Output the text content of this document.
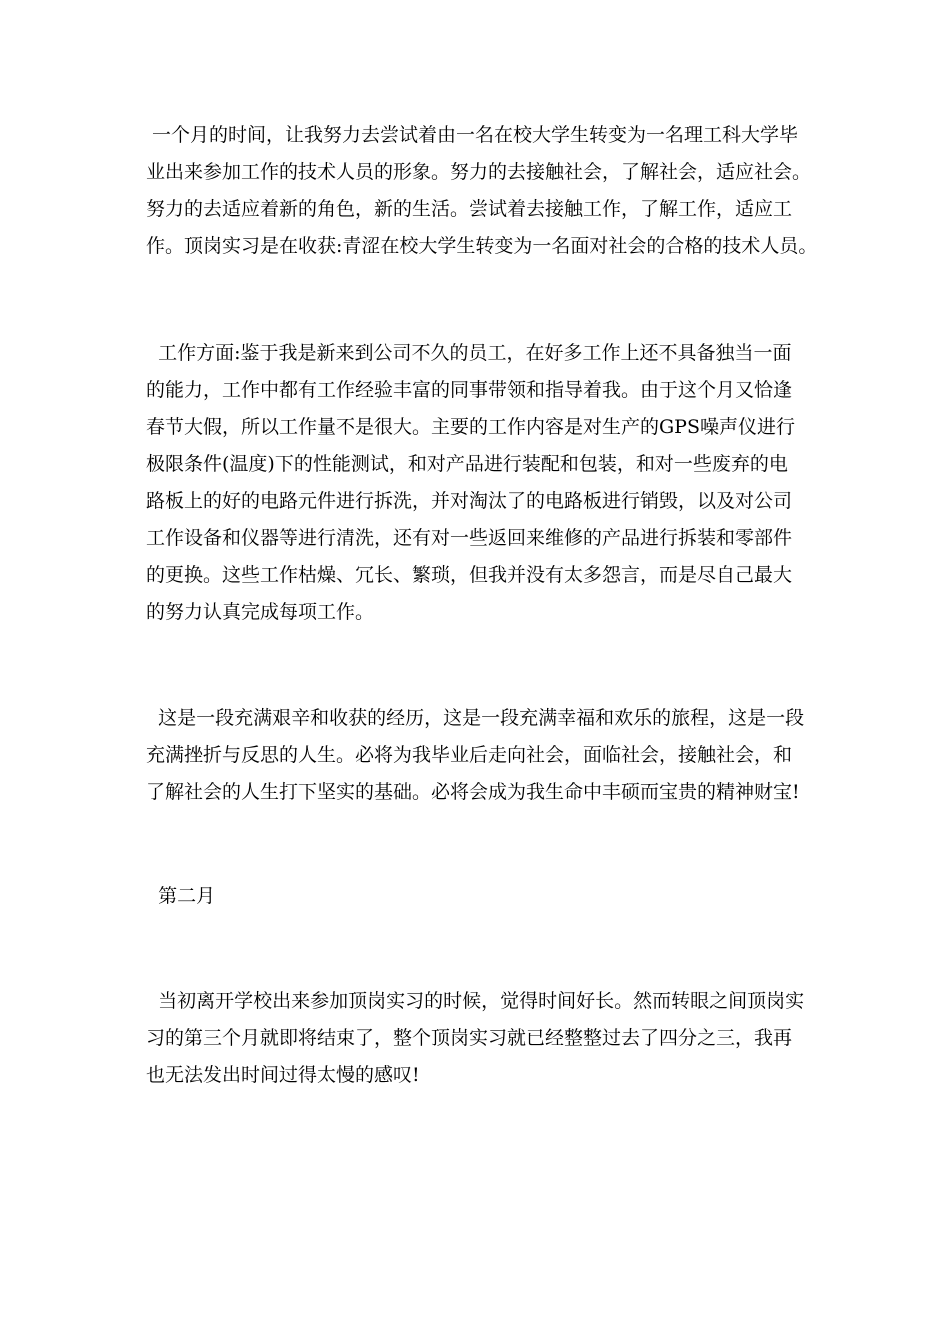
一个月的时间，让我努力去尝试着由一名在校大学生转变为一名理工科大学毕

业出来参加工作的技术人员的形象。努力的去接触社会，了解社会，适应社会。

努力的去适应着新的角色，新的生活。尝试着去接触工作，了解工作，适应工

作。顶岗实习是在收获:青涩在校大学生转变为一名面对社会的合格的技术人员。

工作方面:鉴于我是新来到公司不久的员工，在好多工作上还不具备独当一面

的能力，工作中都有工作经验丰富的同事带领和指导着我。由于这个月又恰逢

春节大假，所以工作量不是很大。主要的工作内容是对生产的GPS噪声仪进行

极限条件(温度)下的性能测试，和对产品进行装配和包装，和对一些废弃的电

路板上的好的电路元件进行拆洗，并对淘汰了的电路板进行销毁，以及对公司

工作设备和仪器等进行清洗，还有对一些返回来维修的产品进行拆装和零部件

的更换。这些工作枯燥、冗长、繁琐，但我并没有太多怨言，而是尽自己最大

的努力认真完成每项工作。

这是一段充满艰辛和收获的经历，这是一段充满幸福和欢乐的旅程，这是一段

充满挫折与反思的人生。必将为我毕业后走向社会，面临社会，接触社会，和

了解社会的人生打下坚实的基础。必将会成为我生命中丰硕而宝贵的精神财宝!

第二月

当初离开学校出来参加顶岗实习的时候，觉得时间好长。然而转眼之间顶岗实

习的第三个月就即将结束了，整个顶岗实习就已经整整过去了四分之三，我再

也无法发出时间过得太慢的感叹!
